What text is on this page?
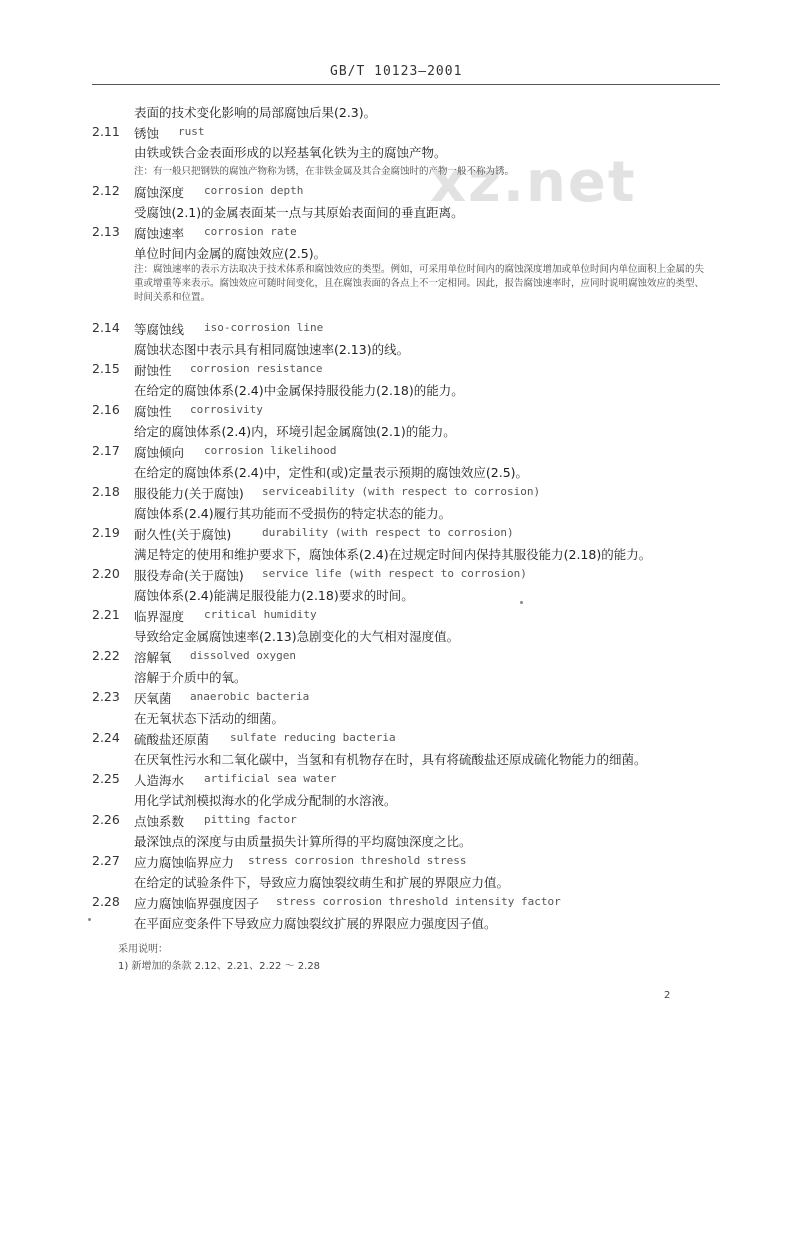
GB/T 10123—2001
xz.net
表面的技术变化影响的局部腐蚀后果(2.3)。
2.11 锈蚀 rust
由铁或铁合金表面形成的以羟基氧化铁为主的腐蚀产物。
注：有一般只把钢铁的腐蚀产物称为锈，在非铁金属及其合金腐蚀时的产物一般不称为锈。
2.12 腐蚀深度 corrosion depth
受腐蚀(2.1)的金属表面某一点与其原始表面间的垂直距离。
2.13 腐蚀速率 corrosion rate
单位时间内金属的腐蚀效应(2.5)。
注：腐蚀速率的表示方法取决于技术体系和腐蚀效应的类型。例如，可采用单位时间内的腐蚀深度增加或单位时间内单位面积上金属的失重或增重等来表示。腐蚀效应可随时间变化，且在腐蚀表面的各点上不一定相同。因此，报告腐蚀速率时，应同时说明腐蚀效应的类型、时间关系和位置。
2.14 等腐蚀线 iso-corrosion line
腐蚀状态图中表示具有相同腐蚀速率(2.13)的线。
2.15 耐蚀性 corrosion resistance
在给定的腐蚀体系(2.4)中金属保持服役能力(2.18)的能力。
2.16 腐蚀性 corrosivity
给定的腐蚀体系(2.4)内，环境引起金属腐蚀(2.1)的能力。
2.17 腐蚀倾向 corrosion likelihood
在给定的腐蚀体系(2.4)中，定性和(或)定量表示预期的腐蚀效应(2.5)。
2.18 服役能力(关于腐蚀) serviceability (with respect to corrosion)
腐蚀体系(2.4)履行其功能而不受损伤的特定状态的能力。
2.19 耐久性(关于腐蚀)	durability (with respect to corrosion)
满足特定的使用和维护要求下，腐蚀体系(2.4)在过规定时间内保持其服役能力(2.18)的能力。
2.20 服役寿命(关于腐蚀) service life (with respect to corrosion)
腐蚀体系(2.4)能满足服役能力(2.18)要求的时间。
2.21 临界湿度 critical humidity
导致给定金属腐蚀速率(2.13)急剧变化的大气相对湿度值。
2.22 溶解氧 dissolved oxygen
溶解于介质中的氧。
2.23 厌氧菌 anaerobic bacteria
在无氧状态下活动的细菌。
2.24 硫酸盐还原菌 sulfate reducing bacteria
在厌氧性污水和二氧化碳中，当氢和有机物存在时，具有将硫酸盐还原成硫化物能力的细菌。
2.25 人造海水 artificial sea water
用化学试剂模拟海水的化学成分配制的水溶液。
2.26 点蚀系数 pitting factor
最深蚀点的深度与由质量损失计算所得的平均腐蚀深度之比。
2.27 应力腐蚀临界应力 stress corrosion threshold stress
在给定的试验条件下，导致应力腐蚀裂纹萌生和扩展的界限应力值。
2.28 应力腐蚀临界强度因子 stress corrosion threshold intensity factor
在平面应变条件下导致应力腐蚀裂纹扩展的界限应力强度因子值。
采用说明：
1) 新增加的条款 2.12、2.21、2.22 ～ 2.28
2
